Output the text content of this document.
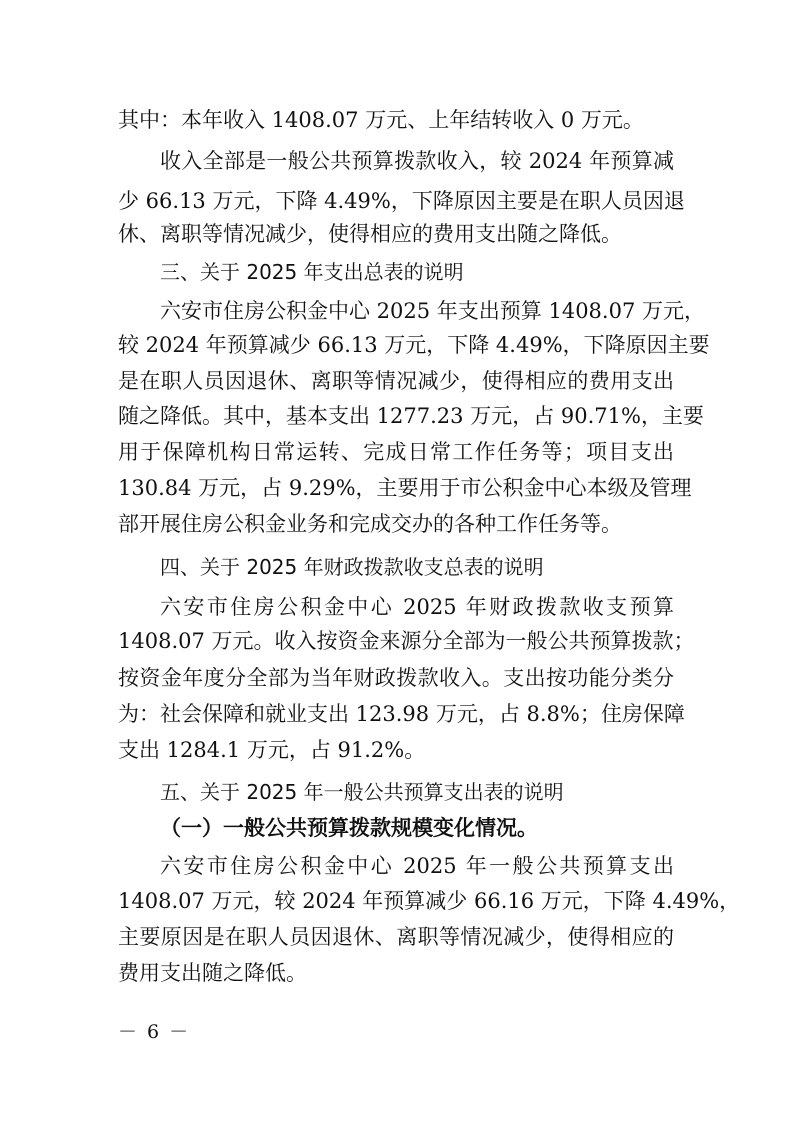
其中：本年收入 1408.07 万元、上年结转收入 0 万元。
收入全部是一般公共预算拨款收入，较 2024 年预算减
少 66.13 万元，下降 4.49%，下降原因主要是在职人员因退
休、离职等情况减少，使得相应的费用支出随之降低。
三、关于 2025 年支出总表的说明
六安市住房公积金中心 2025 年支出预算 1408.07 万元，
较 2024 年预算减少 66.13 万元，下降 4.49%，下降原因主要
是在职人员因退休、离职等情况减少，使得相应的费用支出
随之降低。其中，基本支出 1277.23 万元，占 90.71%，主要
用于保障机构日常运转、完成日常工作任务等；项目支出
130.84 万元，占 9.29%，主要用于市公积金中心本级及管理
部开展住房公积金业务和完成交办的各种工作任务等。
四、关于 2025 年财政拨款收支总表的说明
六安市住房公积金中心 2025 年财政拨款收支预算
1408.07 万元。收入按资金来源分全部为一般公共预算拨款；
按资金年度分全部为当年财政拨款收入。支出按功能分类分
为：社会保障和就业支出 123.98 万元，占 8.8%；住房保障
支出 1284.1 万元，占 91.2%。
五、关于 2025 年一般公共预算支出表的说明
（一）一般公共预算拨款规模变化情况。
六安市住房公积金中心 2025 年一般公共预算支出
1408.07 万元，较 2024 年预算减少 66.16 万元，下降 4.49%，
主要原因是在职人员因退休、离职等情况减少，使得相应的
费用支出随之降低。
－ 6 －
